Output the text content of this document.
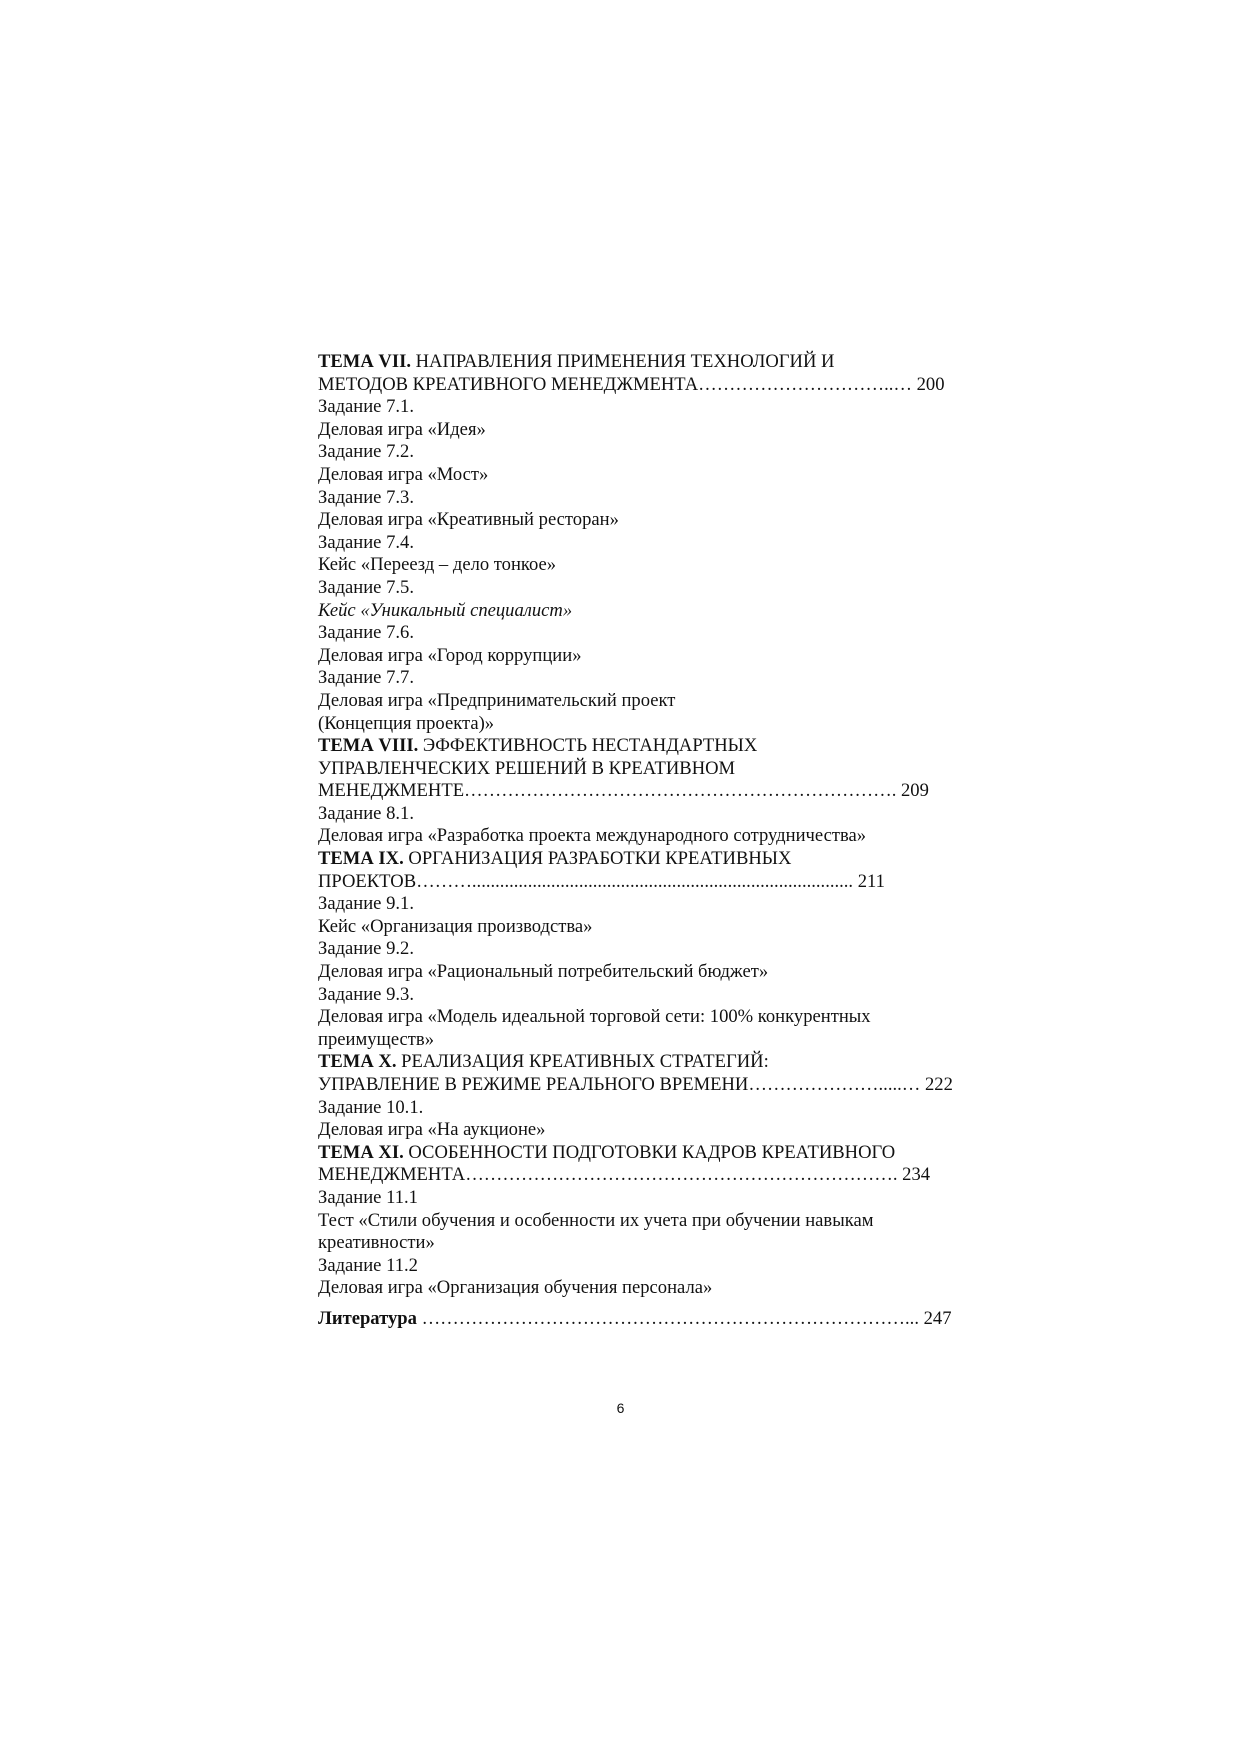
ТЕМА VII. НАПРАВЛЕНИЯ ПРИМЕНЕНИЯ ТЕХНОЛОГИЙ И
МЕТОДОВ КРЕАТИВНОГО МЕНЕДЖМЕНТА…………………………..… 200
Задание 7.1.
Деловая игра «Идея»
Задание 7.2.
Деловая игра «Мост»
Задание 7.3.
Деловая игра «Креативный ресторан»
Задание 7.4.
Кейс «Переезд – дело тонкое»
Задание 7.5.
Кейс «Уникальный специалист»
Задание 7.6.
Деловая игра «Город коррупции»
Задание 7.7.
Деловая игра «Предпринимательский проект
(Концепция проекта)»
ТЕМА VIII. ЭФФЕКТИВНОСТЬ НЕСТАНДАРТНЫХ
УПРАВЛЕНЧЕСКИХ РЕШЕНИЙ В КРЕАТИВНОМ
МЕНЕДЖМЕНТЕ……………………………………………………………. 209
Задание 8.1.
Деловая игра «Разработка проекта международного сотрудничества»
ТЕМА IX. ОРГАНИЗАЦИЯ РАЗРАБОТКИ КРЕАТИВНЫХ
ПРОЕКТОВ……….................................................................................. 211
Задание 9.1.
Кейс «Организация производства»
Задание 9.2.
Деловая игра «Рациональный потребительский бюджет»
Задание 9.3.
Деловая игра «Модель идеальной торговой сети: 100% конкурентных
преимуществ»
ТЕМА X. РЕАЛИЗАЦИЯ КРЕАТИВНЫХ СТРАТЕГИЙ:
УПРАВЛЕНИЕ В РЕЖИМЕ РЕАЛЬНОГО ВРЕМЕНИ………………….....… 222
Задание 10.1.
Деловая игра «На аукционе»
ТЕМА XI. ОСОБЕННОСТИ ПОДГОТОВКИ КАДРОВ КРЕАТИВНОГО
МЕНЕДЖМЕНТА……………………………………………………………. 234
Задание 11.1
Тест «Стили обучения и особенности их учета при обучении навыкам
креативности»
Задание 11.2
Деловая игра «Организация обучения персонала»
Литература ……………………………………………………………………... 247
6
